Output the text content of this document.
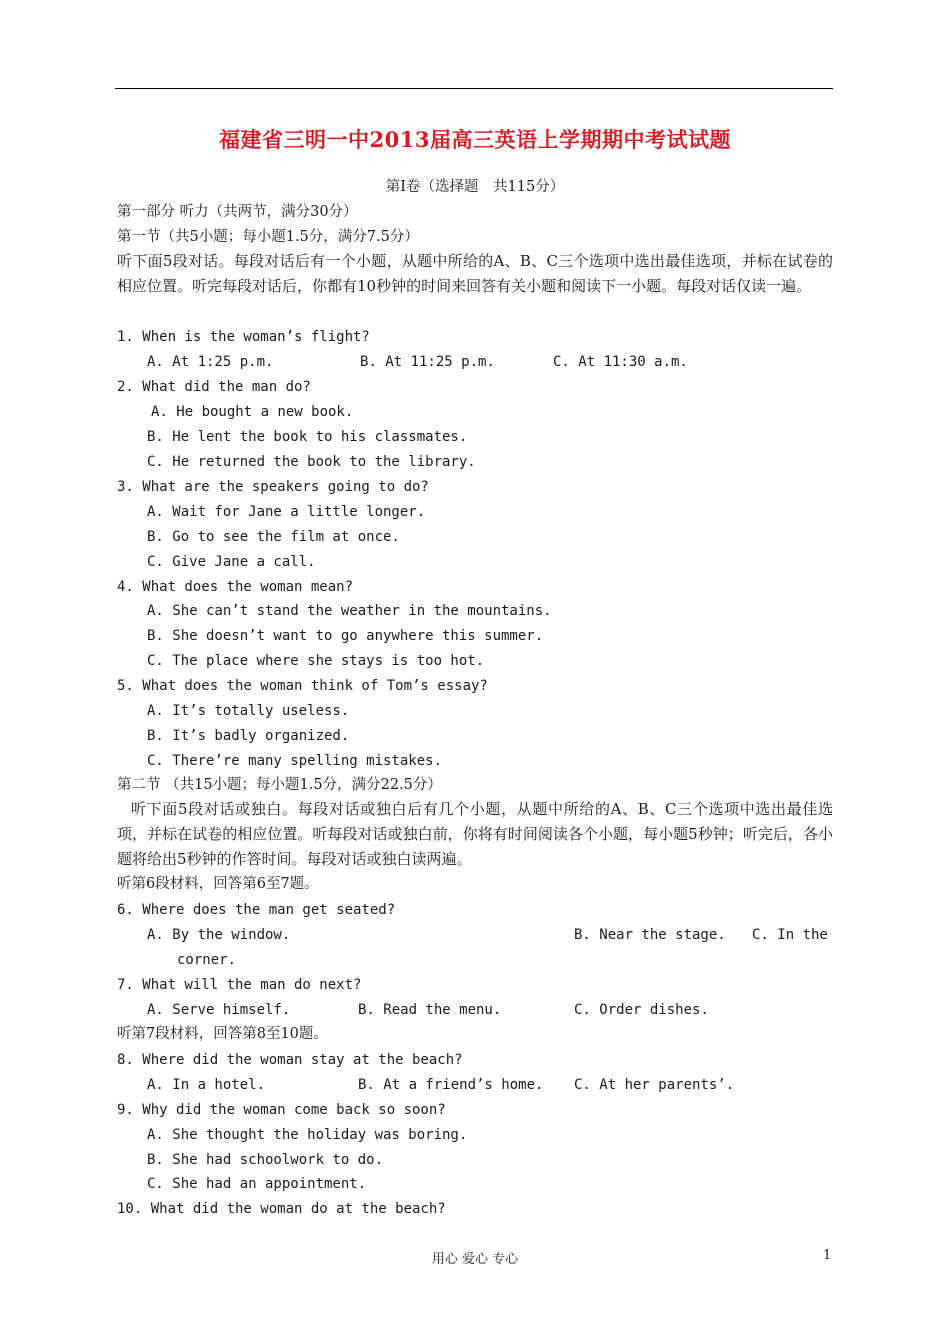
福建省三明一中2013届高三英语上学期期中考试试题
第I卷（选择题　共115分）
第一部分 听力（共两节，满分30分）
第一节（共5小题；每小题1.5分，满分7.5分）
听下面5段对话。每段对话后有一个小题，从题中所给的A、B、C三个选项中选出最佳选项，并标在试卷的相应位置。听完每段对话后，你都有10秒钟的时间来回答有关小题和阅读下一小题。每段对话仅读一遍。
1. When is the woman’s flight?
A. At 1:25 p.m.	B. At 11:25 p.m.	C. At 11:30 a.m.
2. What did the man do?
A. He bought a new book.
B. He lent the book to his classmates.
C. He returned the book to the library.
3. What are the speakers going to do?
A. Wait for Jane a little longer.
B. Go to see the film at once.
C. Give Jane a call.
4. What does the woman mean?
A. She can’t stand the weather in the mountains.
B. She doesn’t want to go anywhere this summer.
C. The place where she stays is too hot.
5. What does the woman think of Tom’s essay?
A. It’s totally useless.
B. It’s badly organized.
C. There’re many spelling mistakes.
第二节 （共15小题；每小题1.5分，满分22.5分）
听下面5段对话或独白。每段对话或独白后有几个小题，从题中所给的A、B、C三个选项中选出最佳选项，并标在试卷的相应位置。听每段对话或独白前，你将有时间阅读各个小题，每小题5秒钟；听完后，各小题将给出5秒钟的作答时间。每段对话或独白读两遍。
听第6段材料，回答第6至7题。
6. Where does the man get seated?
A. By the window.	B. Near the stage. C. In the
corner.
7. What will the man do next?
A. Serve himself.	B. Read the menu.	C. Order dishes.
听第7段材料，回答第8至10题。
8. Where did the woman stay at the beach?
A. In a hotel.	B. At a friend’s home. C. At her parents’.
9. Why did the woman come back so soon?
A. She thought the holiday was boring.
B. She had schoolwork to do.
C. She had an appointment.
10. What did the woman do at the beach?
用心 爱心 专心	1
